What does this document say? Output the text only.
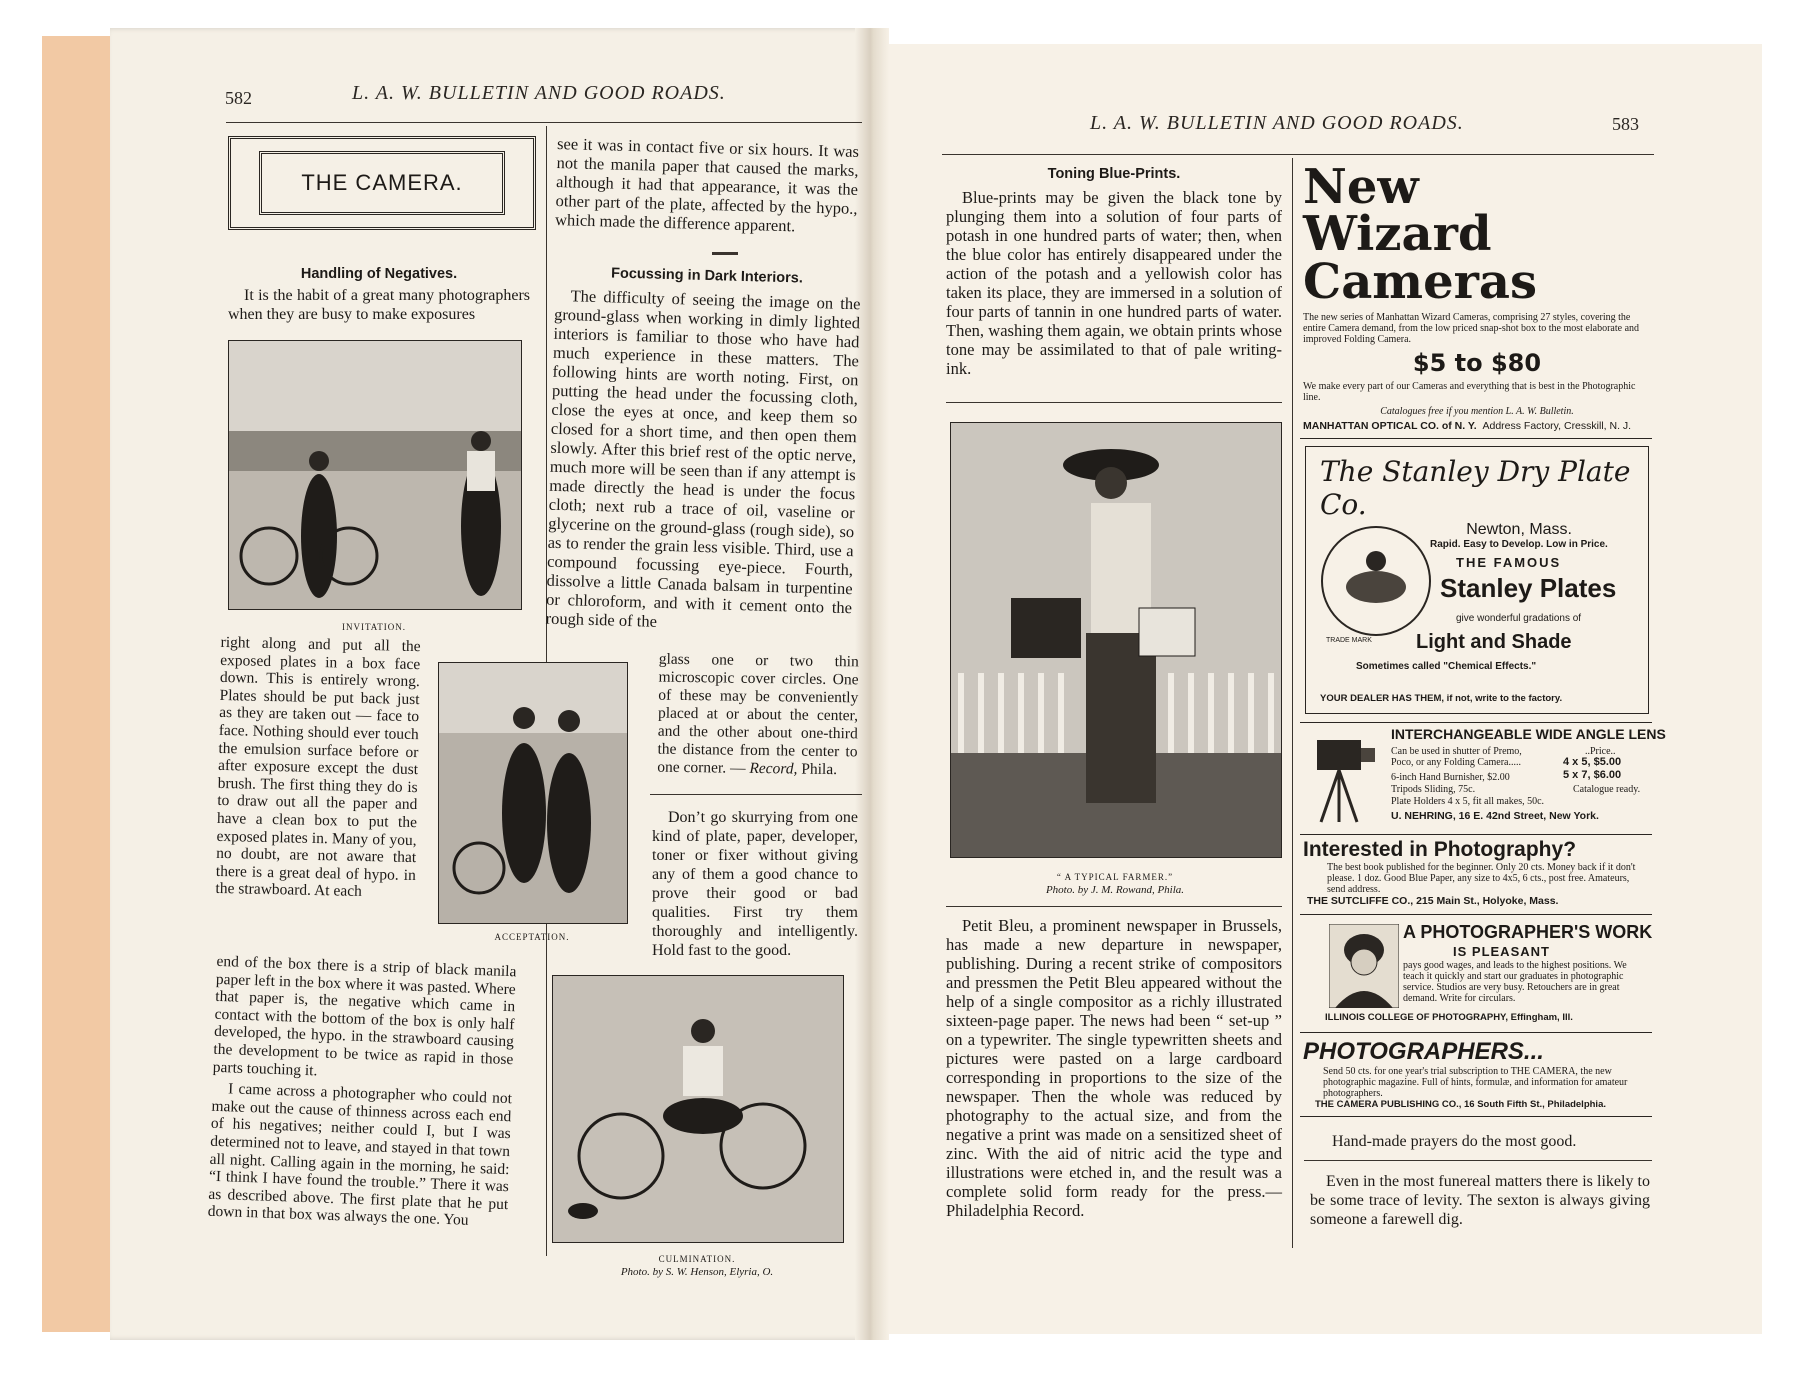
582	L. A. W. BULLETIN AND GOOD ROADS.
THE CAMERA.
Handling of Negatives.

It is the habit of a great many photographers when they are busy to make exposures

INVITATION.

right along and put all the exposed plates in a box face down. This is entirely wrong. Plates should be put back just as they are taken out — face to face. Nothing should ever touch the emulsion surface before or after exposure except the dust brush. The first thing they do is to draw out all the paper and have a clean box to put the exposed plates in. Many of you, no doubt, are not aware that there is a great deal of hypo. in the strawboard. At each

ACCEPTATION.

end of the box there is a strip of black manila paper left in the box where it was pasted. Where that paper is, the negative which came in contact with the bottom of the box is only half developed, the hypo. in the strawboard causing the development to be twice as rapid in those parts touching it.

I came across a photographer who could not make out the cause of thinness across each end of his negatives; neither could I, but I was determined not to leave, and stayed in that town all night. Calling again in the morning, he said: “I think I have found the trouble.” There it was as described above. The first plate that he put down in that box was always the one. You

see it was in contact five or six hours. It was not the manila paper that caused the marks, although it had that appearance, it was the other part of the plate, affected by the hypo., which made the difference apparent.

Focussing in Dark Interiors.

The difficulty of seeing the image on the ground-glass when working in dimly lighted interiors is familiar to those who have had much experience in these matters. The following hints are worth noting. First, on putting the head under the focussing cloth, close the eyes at once, and keep them so closed for a short time, and then open them slowly. After this brief rest of the optic nerve, much more will be seen than if any attempt is made directly the head is under the focus cloth; next rub a trace of oil, vaseline or glycerine on the ground-glass (rough side), so as to render the grain less visible. Third, use a compound focussing eye-piece. Fourth, dissolve a little Canada balsam in turpentine or chloroform, and with it cement onto the rough side of the

glass one or two thin microscopic cover circles. One of these may be conveniently placed at or about the center, and the other about one-third the distance from the center to one corner. — Record, Phila.

Don’t go skurrying from one kind of plate, paper, developer, toner or fixer without giving any of them a good chance to prove their good or bad qualities. First try them thoroughly and intelligently. Hold fast to the good.

CULMINATION.
Photo. by S. W. Henson, Elyria, O.
L. A. W. BULLETIN AND GOOD ROADS.	583
Toning Blue-Prints.

Blue-prints may be given the black tone by plunging them into a solution of four parts of potash in one hundred parts of water; then, when the blue color has entirely disappeared under the action of the potash and a yellowish color has taken its place, they are immersed in a solution of four parts of tannin in one hundred parts of water. Then, washing them again, we obtain prints whose tone may be assimilated to that of pale writing-ink.

“ A TYPICAL FARMER.”
Photo. by J. M. Rowand, Phila.

Petit Bleu, a prominent newspaper in Brussels, has made a new departure in newspaper, publishing. During a recent strike of compositors and pressmen the Petit Bleu appeared without the help of a single compositor as a richly illustrated sixteen-page paper. The news had been “ set-up ” on a typewriter. The single typewritten sheets and pictures were pasted on a large cardboard corresponding in proportions to the size of the newspaper. Then the whole was reduced by photography to the actual size, and from the negative a print was made on a sensitized sheet of zinc. With the aid of nitric acid the type and illustrations were etched in, and the result was a complete solid form ready for the press.— Philadelphia Record.

New
Wizard
Cameras
The new series of Manhattan Wizard Cameras, comprising 27 styles, covering the entire Camera demand, from the low priced snap-shot box to the most elaborate and improved Folding Camera.
$5 to $80
We make every part of our Cameras and everything that is best in the Photographic line.
Catalogues free if you mention L. A. W. Bulletin.
MANHATTAN OPTICAL CO. of N. Y. Address Factory, Cresskill, N. J.
The Stanley Dry Plate Co.
Newton, Mass.
TRADE MARK
Rapid. Easy to Develop. Low in Price.
THE FAMOUS
Stanley Plates
give wonderful gradations of
Light and Shade
Sometimes called "Chemical Effects."
YOUR DEALER HAS THEM, if not, write to the factory.
INTERCHANGEABLE WIDE ANGLE LENS
Can be used in shutter of Premo, Poco, or any Folding Camera.....
..Price..
4 x 5, $5.00
5 x 7, $6.00
6-inch Hand Burnisher, $2.00
Tripods Sliding, 75c.	Catalogue ready.
Plate Holders 4 x 5, fit all makes, 50c.
U. NEHRING, 16 E. 42nd Street, New York.
Interested in Photography?
The best book published for the beginner. Only 20 cts. Money back if it don't please. 1 doz. Good Blue Paper, any size to 4x5, 6 cts., post free. Amateurs, send address.
THE SUTCLIFFE CO., 215 Main St., Holyoke, Mass.
A PHOTOGRAPHER'S WORK
IS PLEASANT
pays good wages, and leads to the highest positions. We teach it quickly and start our graduates in photographic service. Studios are very busy. Retouchers are in great demand. Write for circulars.
ILLINOIS COLLEGE OF PHOTOGRAPHY, Effingham, Ill.
PHOTOGRAPHERS...
Send 50 cts. for one year's trial subscription to THE CAMERA, the new photographic magazine. Full of hints, formulæ, and information for amateur photographers.
THE CAMERA PUBLISHING CO., 16 South Fifth St., Philadelphia.

Hand-made prayers do the most good.

Even in the most funereal matters there is likely to be some trace of levity. The sexton is always giving someone a farewell dig.
